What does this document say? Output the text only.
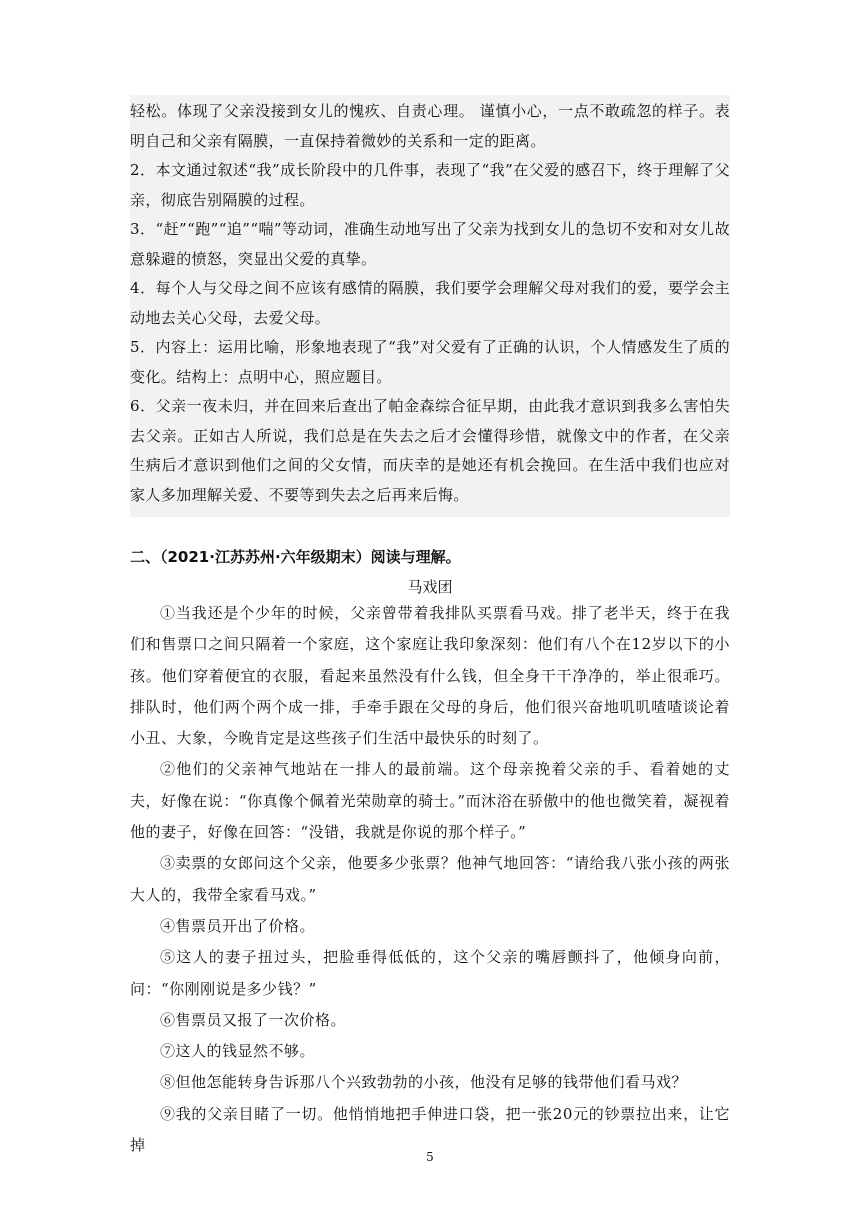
轻松。体现了父亲没接到女儿的愧疚、自责心理。 谨慎小心，一点不敢疏忽的样子。表明自己和父亲有隔膜，一直保持着微妙的关系和一定的距离。

2．本文通过叙述“我”成长阶段中的几件事，表现了“我”在父爱的感召下，终于理解了父亲，彻底告别隔膜的过程。

3．“赶”“跑”“追”“喘”等动词，准确生动地写出了父亲为找到女儿的急切不安和对女儿故意躲避的愤怒，突显出父爱的真挚。

4．每个人与父母之间不应该有感情的隔膜，我们要学会理解父母对我们的爱，要学会主动地去关心父母，去爱父母。

5．内容上：运用比喻，形象地表现了“我”对父爱有了正确的认识，个人情感发生了质的变化。结构上：点明中心，照应题目。

6．父亲一夜未归，并在回来后查出了帕金森综合征早期，由此我才意识到我多么害怕失去父亲。正如古人所说，我们总是在失去之后才会懂得珍惜，就像文中的作者，在父亲生病后才意识到他们之间的父女情，而庆幸的是她还有机会挽回。在生活中我们也应对家人多加理解关爱、不要等到失去之后再来后悔。

二、（2021·江苏苏州·六年级期末）阅读与理解。
马戏团

①当我还是个少年的时候，父亲曾带着我排队买票看马戏。排了老半天，终于在我们和售票口之间只隔着一个家庭，这个家庭让我印象深刻：他们有八个在12岁以下的小孩。他们穿着便宜的衣服，看起来虽然没有什么钱，但全身干干净净的，举止很乖巧。排队时，他们两个两个成一排，手牵手跟在父母的身后，他们很兴奋地叽叽喳喳谈论着小丑、大象，今晚肯定是这些孩子们生活中最快乐的时刻了。

②他们的父亲神气地站在一排人的最前端。这个母亲挽着父亲的手、看着她的丈夫，好像在说：“你真像个佩着光荣勋章的骑士。”而沐浴在骄傲中的他也微笑着，凝视着他的妻子，好像在回答：“没错，我就是你说的那个样子。”

③卖票的女郎问这个父亲，他要多少张票？他神气地回答：“请给我八张小孩的两张大人的，我带全家看马戏。”

④售票员开出了价格。

⑤这人的妻子扭过头，把脸垂得低低的，这个父亲的嘴唇颤抖了，他倾身向前，问：“你刚刚说是多少钱？”

⑥售票员又报了一次价格。

⑦这人的钱显然不够。

⑧但他怎能转身告诉那八个兴致勃勃的小孩，他没有足够的钱带他们看马戏？

⑨我的父亲目睹了一切。他悄悄地把手伸进口袋，把一张20元的钞票拉出来，让它掉

5
